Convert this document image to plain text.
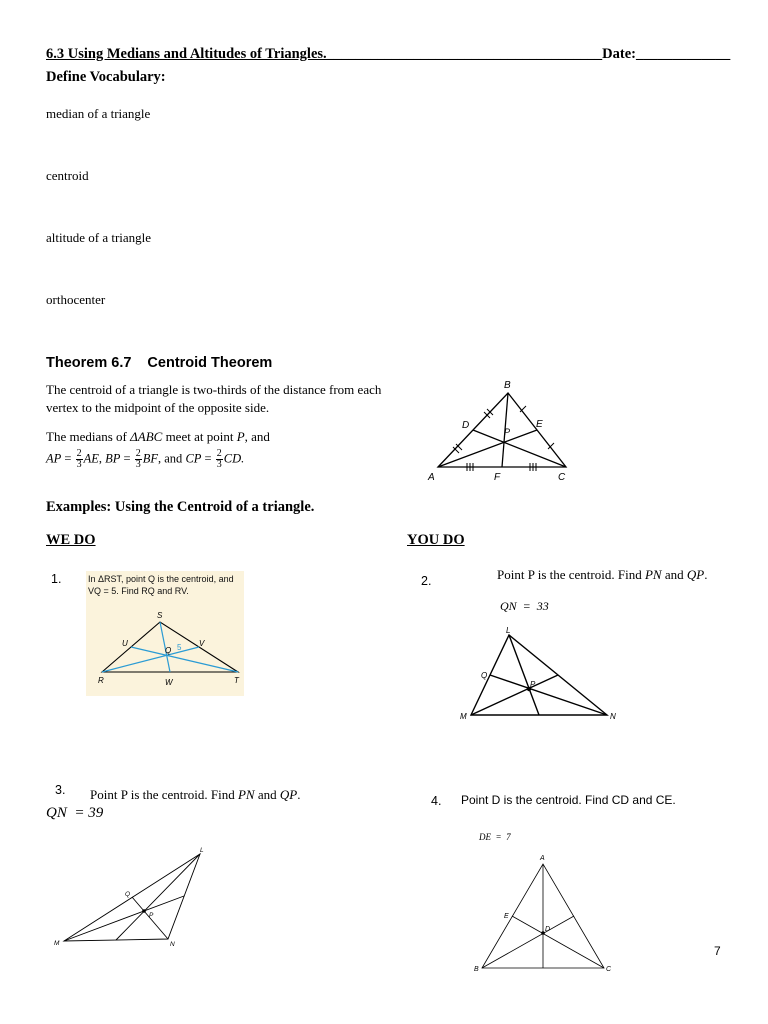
6.3 Using Medians and Altitudes of Triangles.______________________________________Date:_____________
Define Vocabulary:
median of a triangle
centroid
altitude of a triangle
orthocenter
Theorem 6.7 Centroid Theorem
The centroid of a triangle is two-thirds of the distance from each
vertex to the midpoint of the opposite side.
The medians of ΔABC meet at point P, and
AP = $\frac{2}{3}$ AE, BP = $\frac{2}{3}$ BF, and CP = $\frac{2}{3}$ CD.
A
B
C
D	E
F
P
Examples: Using the Centroid of a triangle.
WE DO	YOU DO
1.	In ΔRST, point Q is the centroid, and
VQ = 5. Find RQ and RV.
S
U
Q
V
5
R	W	T
2.	Point P is the centroid. Find PN and QP.
QN  =  33
L
Q
P
M	N
3. Point P is the centroid. Find PN and QP.
QN  = 39
L
Q
P
M	N
4. Point D is the centroid. Find CD and CE.
DE  =  7
A
E
D
B	C
7
